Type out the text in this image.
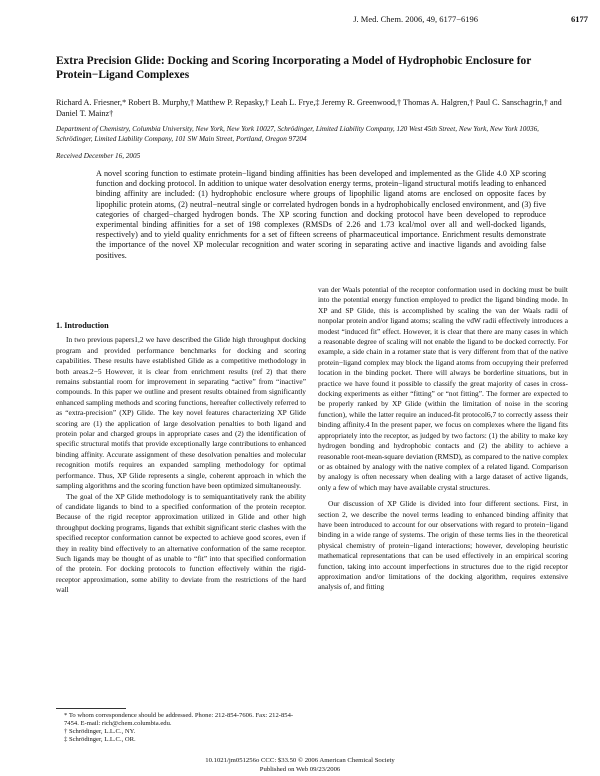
J. Med. Chem. 2006, 49, 6177−6196	6177
Extra Precision Glide: Docking and Scoring Incorporating a Model of Hydrophobic Enclosure for Protein−Ligand Complexes
Richard A. Friesner,* Robert B. Murphy,† Matthew P. Repasky,† Leah L. Frye,‡ Jeremy R. Greenwood,† Thomas A. Halgren,† Paul C. Sanschagrin,† and Daniel T. Mainz†
Department of Chemistry, Columbia University, New York, New York 10027, Schrödinger, Limited Liability Company, 120 West 45th Street, New York, New York 10036, Schrödinger, Limited Liability Company, 101 SW Main Street, Portland, Oregon 97204
Received December 16, 2005
A novel scoring function to estimate protein−ligand binding affinities has been developed and implemented as the Glide 4.0 XP scoring function and docking protocol. In addition to unique water desolvation energy terms, protein−ligand structural motifs leading to enhanced binding affinity are included: (1) hydrophobic enclosure where groups of lipophilic ligand atoms are enclosed on opposite faces by lipophilic protein atoms, (2) neutral−neutral single or correlated hydrogen bonds in a hydrophobically enclosed environment, and (3) five categories of charged−charged hydrogen bonds. The XP scoring function and docking protocol have been developed to reproduce experimental binding affinities for a set of 198 complexes (RMSDs of 2.26 and 1.73 kcal/mol over all and well-docked ligands, respectively) and to yield quality enrichments for a set of fifteen screens of pharmaceutical importance. Enrichment results demonstrate the importance of the novel XP molecular recognition and water scoring in separating active and inactive ligands and avoiding false positives.
1. Introduction

In two previous papers1,2 we have described the Glide high throughput docking program and provided performance benchmarks for docking and scoring capabilities. These results have established Glide as a competitive methodology in both areas.2−5 However, it is clear from enrichment results (ref 2) that there remains substantial room for improvement in separating “active” from “inactive” compounds. In this paper we outline and present results obtained from significantly enhanced sampling methods and scoring functions, hereafter collectively referred to as “extra-precision” (XP) Glide. The key novel features characterizing XP Glide scoring are (1) the application of large desolvation penalties to both ligand and protein polar and charged groups in appropriate cases and (2) the identification of specific structural motifs that provide exceptionally large contributions to enhanced binding affinity. Accurate assignment of these desolvation penalties and molecular recognition motifs requires an expanded sampling methodology for optimal performance. Thus, XP Glide represents a single, coherent approach in which the sampling algorithms and the scoring function have been optimized simultaneously.

The goal of the XP Glide methodology is to semiquantitatively rank the ability of candidate ligands to bind to a specified conformation of the protein receptor. Because of the rigid receptor approximation utilized in Glide and other high throughput docking programs, ligands that exhibit significant steric clashes with the specified receptor conformation cannot be expected to achieve good scores, even if they in reality bind effectively to an alternative conformation of the same receptor. Such ligands may be thought of as unable to “fit” into that specified conformation of the protein. For docking protocols to function effectively within the rigid-receptor approximation, some ability to deviate from the restrictions of the hard wall

van der Waals potential of the receptor conformation used in docking must be built into the potential energy function employed to predict the ligand binding mode. In XP and SP Glide, this is accomplished by scaling the van der Waals radii of nonpolar protein and/or ligand atoms; scaling the vdW radii effectively introduces a modest “induced fit” effect. However, it is clear that there are many cases in which a reasonable degree of scaling will not enable the ligand to be docked correctly. For example, a side chain in a rotamer state that is very different from that of the native protein−ligand complex may block the ligand atoms from occupying their preferred location in the binding pocket. There will always be borderline situations, but in practice we have found it possible to classify the great majority of cases in cross-docking experiments as either “fitting” or “not fitting”. The former are expected to be properly ranked by XP Glide (within the limitation of noise in the scoring function), while the latter require an induced-fit protocol6,7 to correctly assess their binding affinity.4 In the present paper, we focus on complexes where the ligand fits appropriately into the receptor, as judged by two factors: (1) the ability to make key hydrogen bonding and hydrophobic contacts and (2) the ability to achieve a reasonable root-mean-square deviation (RMSD), as compared to the native complex or as obtained by analogy with the native complex of a related ligand. Comparison by analogy is often necessary when dealing with a large dataset of active ligands, only a few of which may have available crystal structures.

Our discussion of XP Glide is divided into four different sections. First, in section 2, we describe the novel terms leading to enhanced binding affinity that have been introduced to account for our observations with regard to protein−ligand binding in a wide range of systems. The origin of these terms lies in the theoretical physical chemistry of protein−ligand interactions; however, developing heuristic mathematical representations that can be used effectively in an empirical scoring function, taking into account imperfections in structures due to the rigid receptor approximation and/or limitations of the docking algorithm, requires extensive analysis of, and fitting

* To whom correspondence should be addressed. Phone: 212-854-7606. Fax: 212-854-7454. E-mail: rich@chem.columbia.edu.
† Schrödinger, L.L.C., NY.
‡ Schrödinger, L.L.C., OR.
10.1021/jm051256o CCC: $33.50 © 2006 American Chemical Society
Published on Web 09/23/2006
